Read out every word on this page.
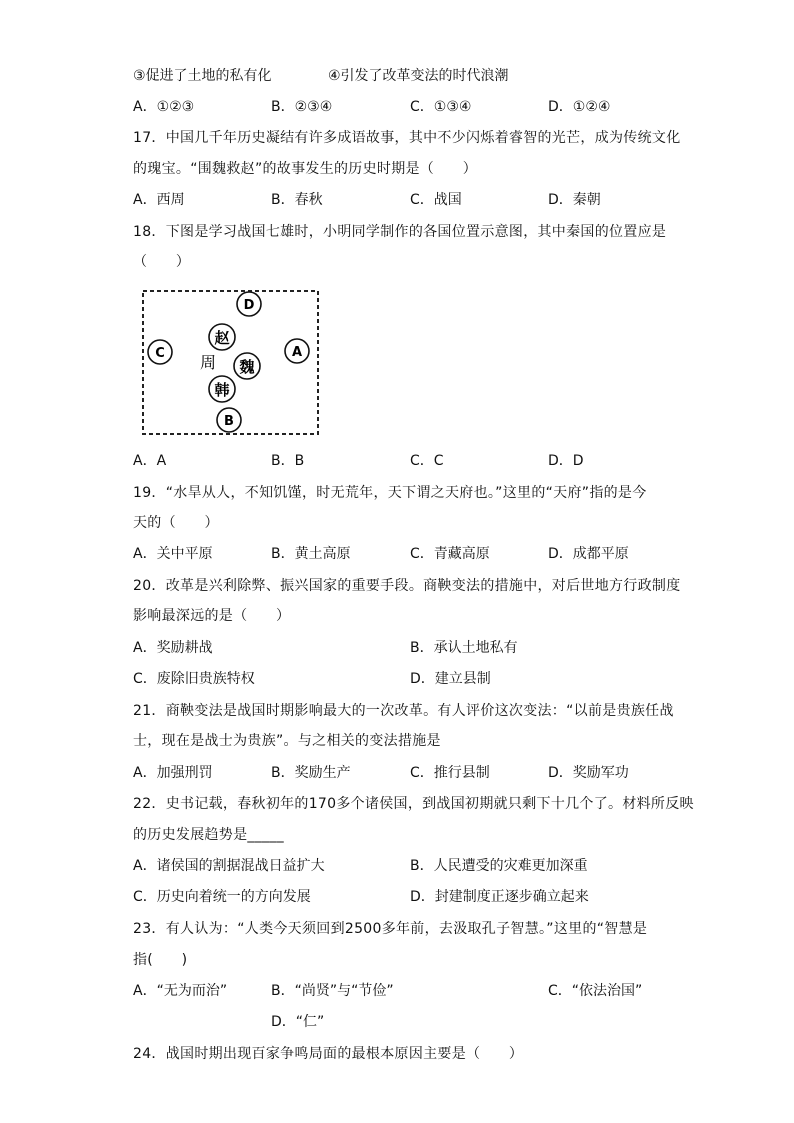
③促进了土地的私有化	④引发了改革变法的时代浪潮
A．①②③	B．②③④	C．①③④	D．①②④
17．中国几千年历史凝结有许多成语故事，其中不少闪烁着睿智的光芒，成为传统文化
的瑰宝。“围魏救赵”的故事发生的历史时期是（　　）
A．西周	B．春秋	C．战国	D．秦朝
18．下图是学习战国七雄时，小明同学制作的各国位置示意图，其中秦国的位置应是
（　　）
D
赵
C	A
周 魏
韩
B
A．A	B．B	C．C	D．D
19．“水旱从人，不知饥馑，时无荒年，天下谓之天府也。”这里的“天府”指的是今
天的（　　）
A．关中平原	B．黄土高原	C．青藏高原	D．成都平原
20．改革是兴利除弊、振兴国家的重要手段。商鞅变法的措施中，对后世地方行政制度
影响最深远的是（　　）
A．奖励耕战	B．承认土地私有
C．废除旧贵族特权	D．建立县制
21．商鞅变法是战国时期影响最大的一次改革。有人评价这次变法：“以前是贵族任战
士，现在是战士为贵族”。与之相关的变法措施是
A．加强刑罚	B．奖励生产	C．推行县制	D．奖励军功
22．史书记载，春秋初年的170多个诸侯国，到战国初期就只剩下十几个了。材料所反映
的历史发展趋势是_____
A．诸侯国的割据混战日益扩大	B．人民遭受的灾难更加深重
C．历史向着统一的方向发展	D．封建制度正逐步确立起来
23．有人认为：“人类今天须回到2500多年前，去汲取孔子智慧。”这里的“智慧是
指(　　)
A．“无为而治”	B．“尚贤”与“节俭”	C．“依法治国”
D．“仁”
24．战国时期出现百家争鸣局面的最根本原因主要是（　　）
